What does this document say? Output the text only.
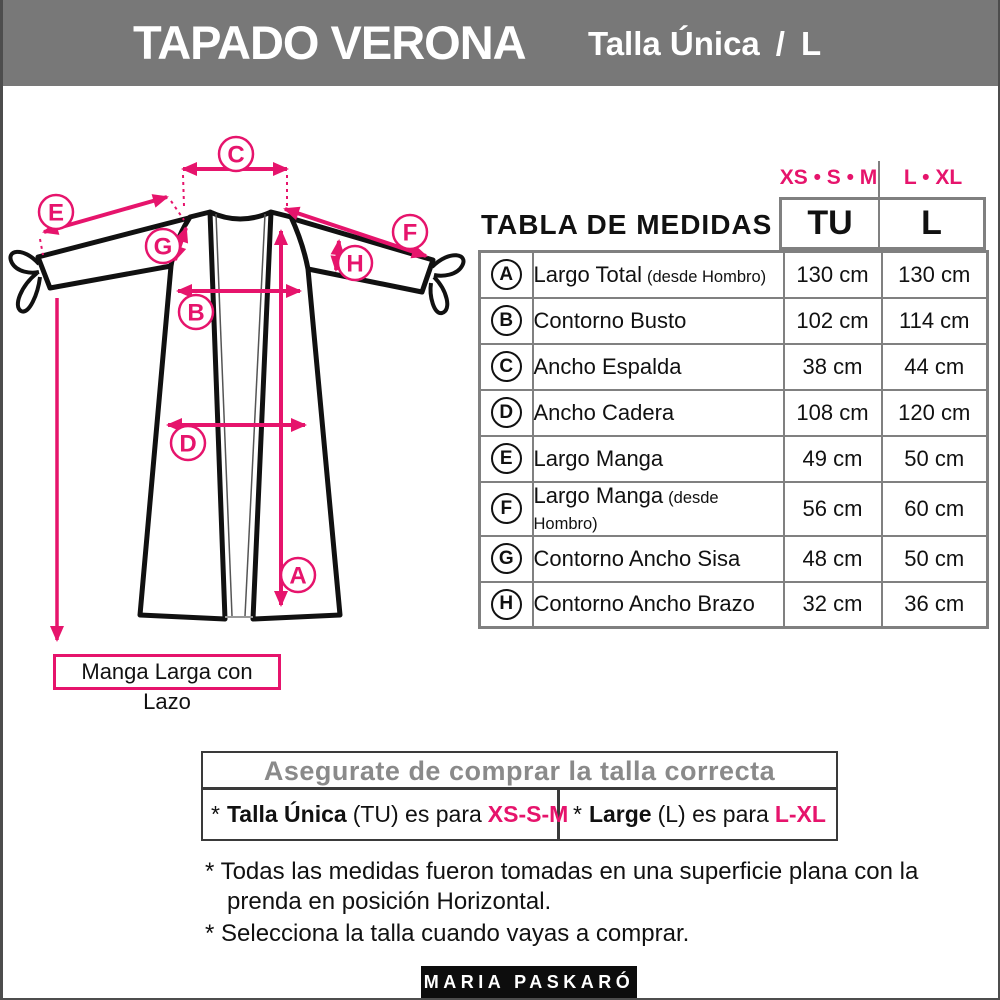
TAPADO VERONA Talla Única / L
C
E
G
F
H
B
A
D
Manga Larga con Lazo
XS • S • M	L • XL
TU	L
TABLA DE MEDIDAS
A	Largo Total (desde Hombro)	130 cm	130 cm
B	Contorno Busto	102 cm	114 cm
C	Ancho Espalda	38 cm	44 cm
D	Ancho Cadera	108 cm	120 cm
E	Largo Manga	49 cm	50 cm
F	Largo Manga (desde Hombro)	56 cm	60 cm
G	Contorno Ancho Sisa	48 cm	50 cm
H	Contorno Ancho Brazo	32 cm	36 cm
Asegurate de comprar la talla correcta
* Talla Única (TU) es para XS-S-M * Large (L) es para L-XL
* Todas las medidas fueron tomadas en una superficie plana con la
prenda en posición Horizontal.
* Selecciona la talla cuando vayas a comprar.
MARIA PASKARÓ
